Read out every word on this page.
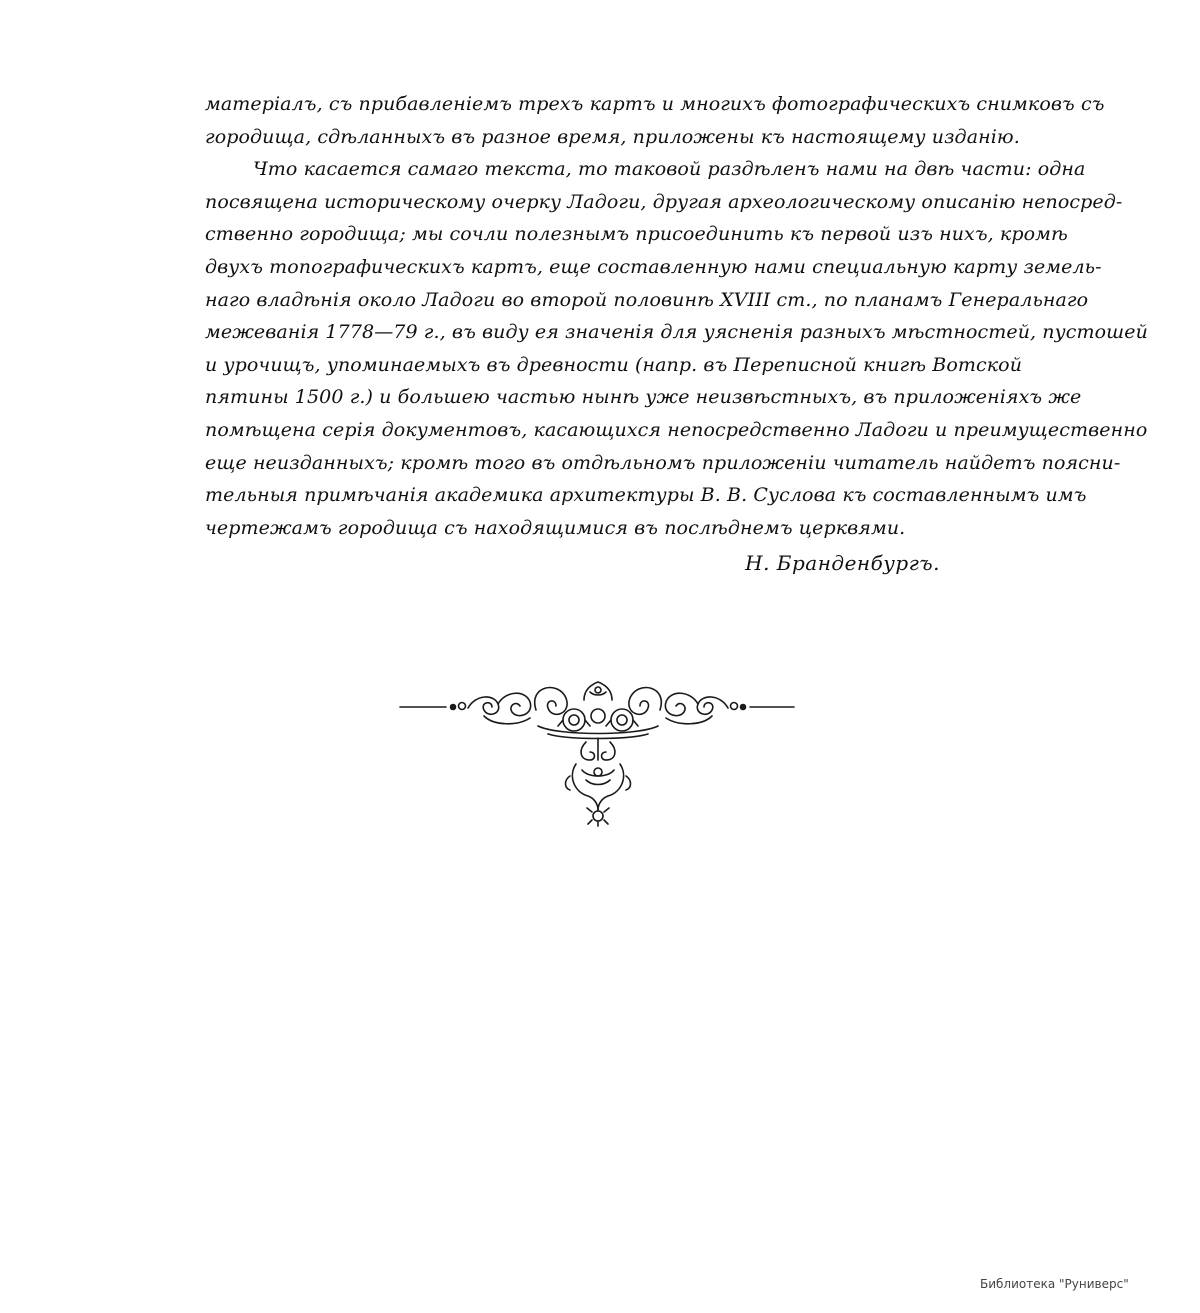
матеріалъ, съ прибавленіемъ трехъ картъ и многихъ фотографическихъ снимковъ съ
городища, сдѣланныхъ въ разное время, приложены къ настоящему изданію.
Что касается самаго текста, то таковой раздѣленъ нами на двѣ части: одна
посвящена историческому очерку Ладоги, другая археологическому описанію непосред-
ственно городища; мы сочли полезнымъ присоединить къ первой изъ нихъ, кромѣ
двухъ топографическихъ картъ, еще составленную нами специальную карту земель-
наго владѣнія около Ладоги во второй половинѣ XVIII ст., по планамъ Генеральнаго
межеванія 1778—79 г., въ виду ея значенія для уясненія разныхъ мѣстностей, пустошей
и урочищъ, упоминаемыхъ въ древности (напр. въ Переписной книгѣ Вотской
пятины 1500 г.) и большею частью нынѣ уже неизвѣстныхъ, въ приложеніяхъ же
помѣщена серія документовъ, касающихся непосредственно Ладоги и преимущественно
еще неизданныхъ; кромѣ того въ отдѣльномъ приложеніи читатель найдетъ поясни-
тельныя примѣчанія академика архитектуры В. В. Суслова къ составленнымъ имъ
чертежамъ городища съ находящимися въ послѣднемъ церквями.
Н. Бранденбургъ.
Библиотека "Руниверс"
